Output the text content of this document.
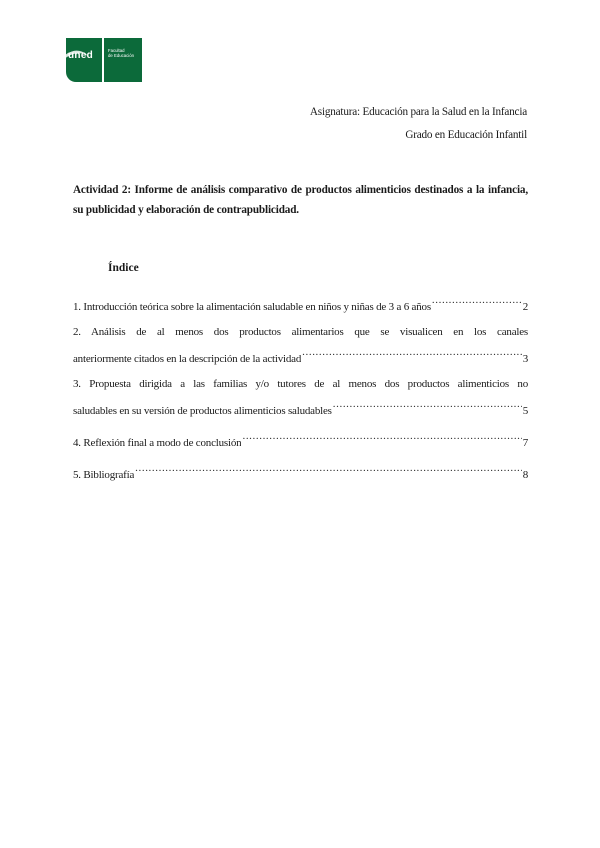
uned	Facultad
de Educación
Asignatura: Educación para la Salud en la Infancia
Grado en Educación Infantil
Actividad 2: Informe de análisis comparativo de productos alimenticios destinados a la infancia, su publicidad y elaboración de contrapublicidad.
Índice
1. Introducción teórica sobre la alimentación saludable en niños y niñas de 3 a 6 años .....	2
2. Análisis de al menos dos productos alimentarios que se visualicen en los canales
anteriormente citados en la descripción de la actividad .....	3
3. Propuesta dirigida a las familias y/o tutores de al menos dos productos alimenticios no
saludables en su versión de productos alimenticios saludables .....	5
4. Reflexión final a modo de conclusión .....	7
5. Bibliografía .....	8
